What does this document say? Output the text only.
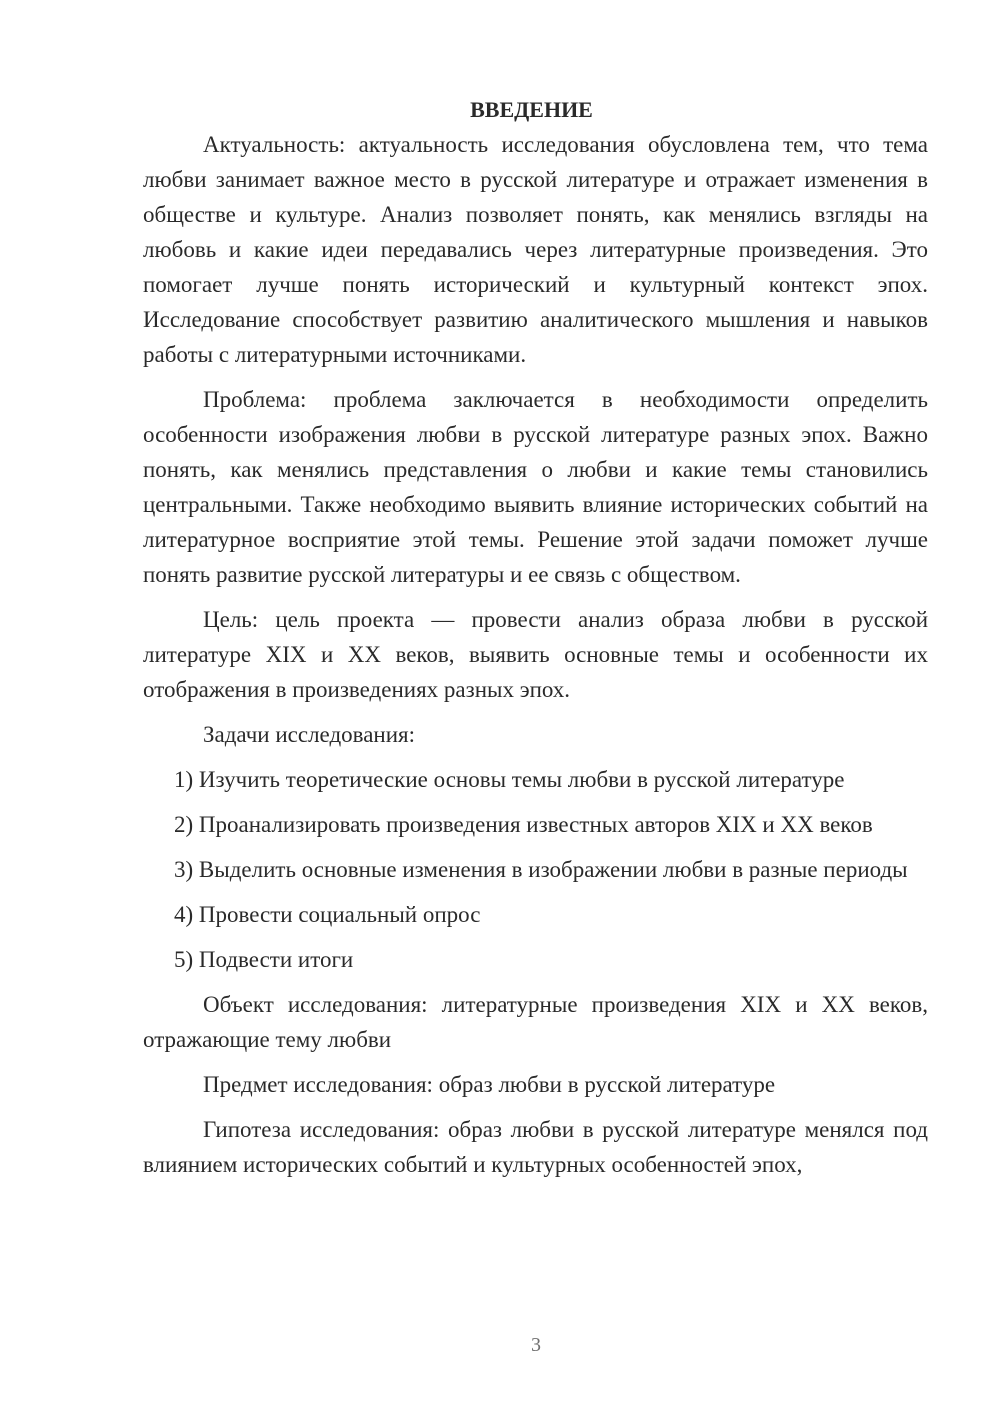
ВВЕДЕНИЕ

Актуальность: актуальность исследования обусловлена тем, что тема любви занимает важное место в русской литературе и отражает изменения в обществе и культуре. Анализ позволяет понять, как менялись взгляды на любовь и какие идеи передавались через литературные произведения. Это помогает лучше понять исторический и культурный контекст эпох. Исследование способствует развитию аналитического мышления и навыков работы с литературными источниками.

Проблема: проблема заключается в необходимости определить особенности изображения любви в русской литературе разных эпох. Важно понять, как менялись представления о любви и какие темы становились центральными. Также необходимо выявить влияние исторических событий на литературное восприятие этой темы. Решение этой задачи поможет лучше понять развитие русской литературы и ее связь с обществом.

Цель: цель проекта — провести анализ образа любви в русской литературе XIX и XX веков, выявить основные темы и особенности их отображения в произведениях разных эпох.

Задачи исследования:

1) Изучить теоретические основы темы любви в русской литературе

2) Проанализировать произведения известных авторов XIX и XX веков

3) Выделить основные изменения в изображении любви в разные периоды

4) Провести социальный опрос

5) Подвести итоги

Объект исследования: литературные произведения XIX и XX веков, отражающие тему любви

Предмет исследования: образ любви в русской литературе

Гипотеза исследования: образ любви в русской литературе менялся под влиянием исторических событий и культурных особенностей эпох,

3
